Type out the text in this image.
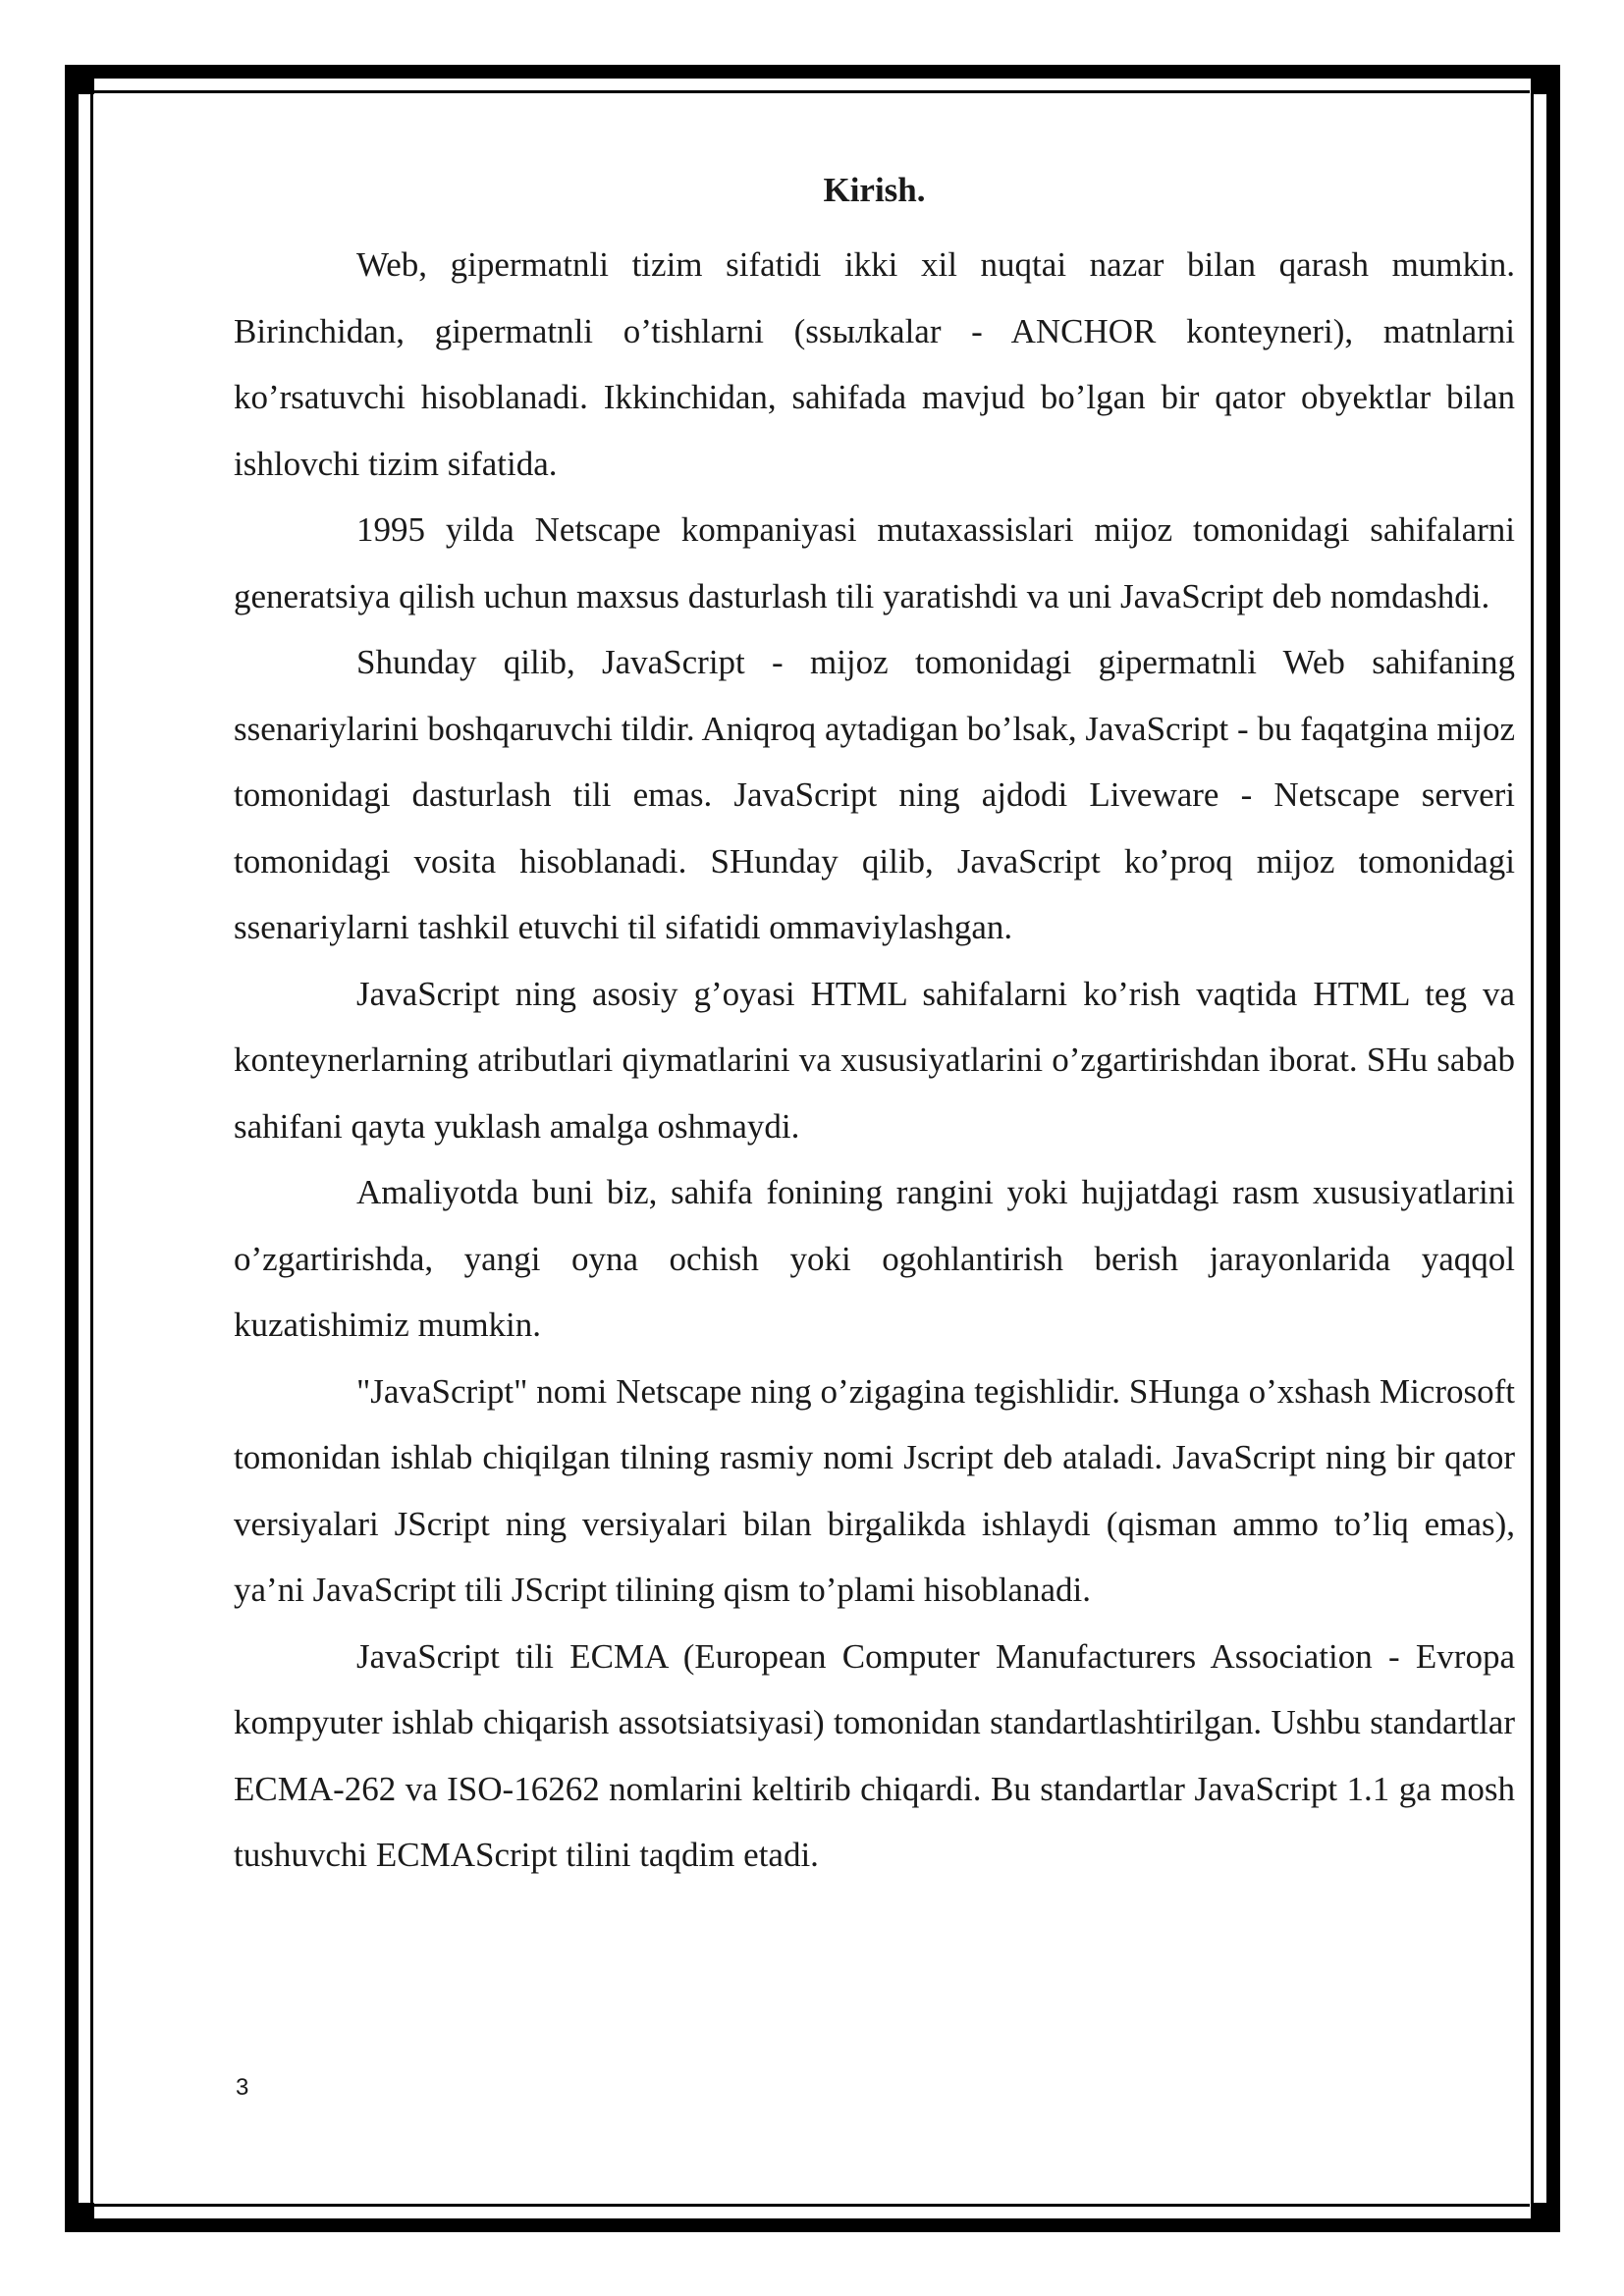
Kirish.

Web, gipermatnli tizim sifatidi ikki xil nuqtai nazar bilan qarash mumkin. Birinchidan, gipermatnli o’tishlarni (ssылkalar - ANCHOR konteyneri), matnlarni ko’rsatuvchi hisoblanadi. Ikkinchidan, sahifada mavjud bo’lgan bir qator obyektlar bilan ishlovchi tizim sifatida.

1995 yilda Netscape kompaniyasi mutaxassislari mijoz tomonidagi sahifalarni generatsiya qilish uchun maxsus dasturlash tili yaratishdi va uni JavaScript deb nomdashdi.

Shunday qilib, JavaScript - mijoz tomonidagi gipermatnli Web sahifaning ssenariylarini boshqaruvchi tildir. Aniqroq aytadigan bo’lsak, JavaScript - bu faqatgina mijoz tomonidagi dasturlash tili emas. JavaScript ning ajdodi Liveware - Netscape serveri tomonidagi vosita hisoblanadi. SHunday qilib, JavaScript ko’proq mijoz tomonidagi ssenariylarni tashkil etuvchi til sifatidi ommaviylashgan.

JavaScript ning asosiy g’oyasi HTML sahifalarni ko’rish vaqtida HTML teg va konteynerlarning atributlari qiymatlarini va xususiyatlarini o’zgartirishdan iborat. SHu sabab sahifani qayta yuklash amalga oshmaydi.

Amaliyotda buni biz, sahifa fonining rangini yoki hujjatdagi rasm xususiyatlarini o’zgartirishda, yangi oyna ochish yoki ogohlantirish berish jarayonlarida yaqqol kuzatishimiz mumkin.

"JavaScript" nomi Netscape ning o’zigagina tegishlidir. SHunga o’xshash Microsoft tomonidan ishlab chiqilgan tilning rasmiy nomi Jscript deb ataladi. JavaScript ning bir qator versiyalari JScript ning versiyalari bilan birgalikda ishlaydi (qisman ammo to’liq emas), ya’ni JavaScript tili JScript tilining qism to’plami hisoblanadi.

JavaScript tili ECMA (European Computer Manufacturers Association - Evropa kompyuter ishlab chiqarish assotsiatsiyasi) tomonidan standartlashtirilgan. Ushbu standartlar ECMA-262 va ISO-16262 nomlarini keltirib chiqardi. Bu standartlar JavaScript 1.1 ga mosh tushuvchi ECMAScript tilini taqdim etadi.

3
